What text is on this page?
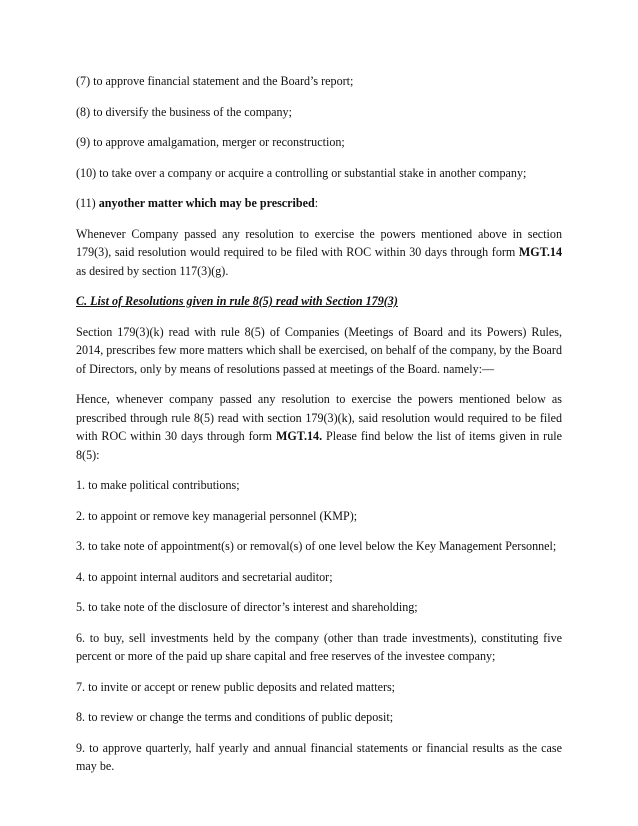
(7) to approve financial statement and the Board’s report;

(8) to diversify the business of the company;

(9) to approve amalgamation, merger or reconstruction;

(10) to take over a company or acquire a controlling or substantial stake in another company;

(11) anyother matter which may be prescribed:

Whenever Company passed any resolution to exercise the powers mentioned above in section 179(3), said resolution would required to be filed with ROC within 30 days through form MGT.14 as desired by section 117(3)(g).

C. List of Resolutions given in rule 8(5) read with Section 179(3)

Section 179(3)(k) read with rule 8(5) of Companies (Meetings of Board and its Powers) Rules, 2014, prescribes few more matters which shall be exercised, on behalf of the company, by the Board of Directors, only by means of resolutions passed at meetings of the Board. namely:—

Hence, whenever company passed any resolution to exercise the powers mentioned below as prescribed through rule 8(5) read with section 179(3)(k), said resolution would required to be filed with ROC within 30 days through form MGT.14. Please find below the list of items given in rule 8(5):

1. to make political contributions;

2. to appoint or remove key managerial personnel (KMP);

3. to take note of appointment(s) or removal(s) of one level below the Key Management Personnel;

4. to appoint internal auditors and secretarial auditor;

5. to take note of the disclosure of director’s interest and shareholding;

6. to buy, sell investments held by the company (other than trade investments), constituting five percent or more of the paid up share capital and free reserves of the investee company;

7. to invite or accept or renew public deposits and related matters;

8. to review or change the terms and conditions of public deposit;

9. to approve quarterly, half yearly and annual financial statements or financial results as the case may be.
